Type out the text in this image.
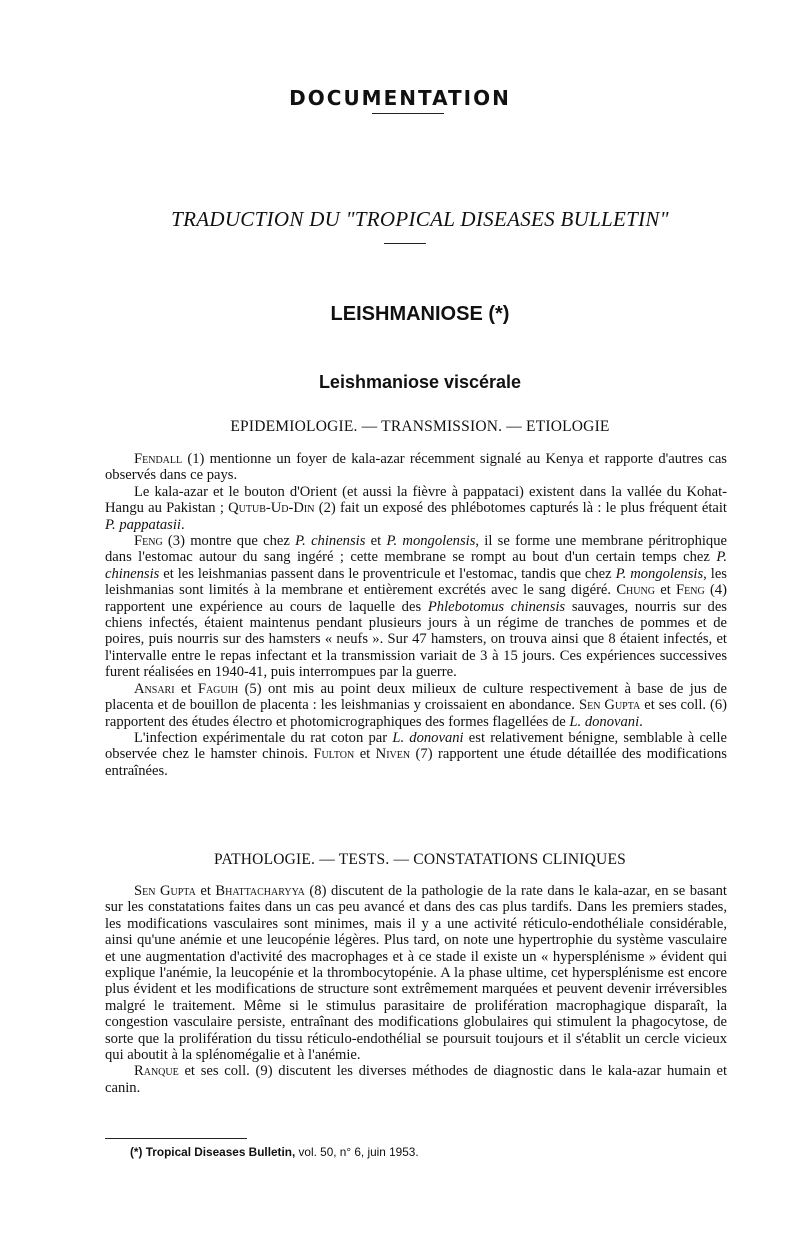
DOCUMENTATION
TRADUCTION DU "TROPICAL DISEASES BULLETIN"
LEISHMANIOSE (*)
Leishmaniose viscérale
EPIDEMIOLOGIE. — TRANSMISSION. — ETIOLOGIE

Fendall (1) mentionne un foyer de kala-azar récemment signalé au Kenya et rapporte d'autres cas observés dans ce pays.

Le kala-azar et le bouton d'Orient (et aussi la fièvre à pappataci) existent dans la vallée du Kohat-Hangu au Pakistan ; Qutub-Ud-Din (2) fait un exposé des phlébotomes capturés là : le plus fréquent était P. pappatasii.

Feng (3) montre que chez P. chinensis et P. mongolensis, il se forme une membrane péritrophique dans l'estomac autour du sang ingéré ; cette membrane se rompt au bout d'un certain temps chez P. chinensis et les leishmanias passent dans le proventricule et l'estomac, tandis que chez P. mongolensis, les leishmanias sont limités à la membrane et entièrement excrétés avec le sang digéré. Chung et Feng (4) rapportent une expérience au cours de laquelle des Phlebotomus chinensis sauvages, nourris sur des chiens infectés, étaient maintenus pendant plusieurs jours à un régime de tranches de pommes et de poires, puis nourris sur des hamsters « neufs ». Sur 47 hamsters, on trouva ainsi que 8 étaient infectés, et l'intervalle entre le repas infectant et la transmission variait de 3 à 15 jours. Ces expériences successives furent réalisées en 1940-41, puis interrompues par la guerre.

Ansari et Faguih (5) ont mis au point deux milieux de culture respectivement à base de jus de placenta et de bouillon de placenta : les leishmanias y croissaient en abondance. Sen Gupta et ses coll. (6) rapportent des études électro et photomicrographiques des formes flagellées de L. donovani.

L'infection expérimentale du rat coton par L. donovani est relativement bénigne, semblable à celle observée chez le hamster chinois. Fulton et Niven (7) rapportent une étude détaillée des modifications entraînées.

PATHOLOGIE. — TESTS. — CONSTATATIONS CLINIQUES

Sen Gupta et Bhattacharyya (8) discutent de la pathologie de la rate dans le kala-azar, en se basant sur les constatations faites dans un cas peu avancé et dans des cas plus tardifs. Dans les premiers stades, les modifications vasculaires sont minimes, mais il y a une activité réticulo-endothéliale considérable, ainsi qu'une anémie et une leucopénie légères. Plus tard, on note une hypertrophie du système vasculaire et une augmentation d'activité des macrophages et à ce stade il existe un « hypersplénisme » évident qui explique l'anémie, la leucopénie et la thrombocytopénie. A la phase ultime, cet hypersplénisme est encore plus évident et les modifications de structure sont extrêmement marquées et peuvent devenir irréversibles malgré le traitement. Même si le stimulus parasitaire de prolifération macrophagique disparaît, la congestion vasculaire persiste, entraînant des modifications globulaires qui stimulent la phagocytose, de sorte que la prolifération du tissu réticulo-endothélial se poursuit toujours et il s'établit un cercle vicieux qui aboutit à la splénomégalie et à l'anémie.

Ranque et ses coll. (9) discutent les diverses méthodes de diagnostic dans le kala-azar humain et canin.

(*) Tropical Diseases Bulletin, vol. 50, n° 6, juin 1953.
